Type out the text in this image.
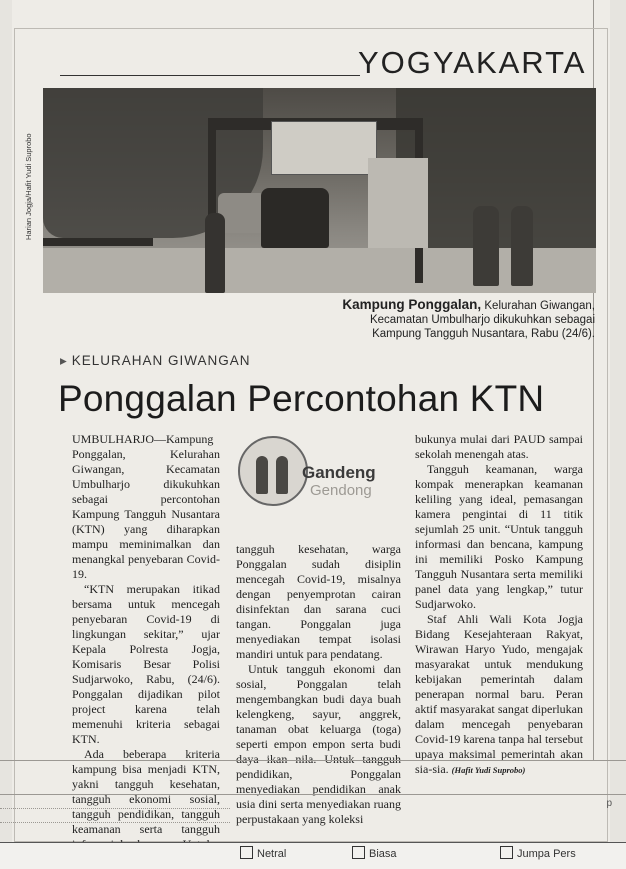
YOGYAKARTA
Harian Jogja/Hafit Yudi Suprobo
Kampung Ponggalan, Kelurahan Giwangan,
Kecamatan Umbulharjo dikukuhkan sebagai
Kampung Tangguh Nusantara, Rabu (24/6).
▸ KELURAHAN GIWANGAN
Ponggalan Percontohan KTN
Gandeng
Gendong

UMBULHARJO—Kampung Ponggalan, Kelurahan Giwangan, Kecamatan Umbulharjo dikukuhkan sebagai percontohan Kampung Tangguh Nusantara (KTN) yang diharapkan mampu meminimalkan dan menangkal penyebaran Covid-19.

“KTN merupakan itikad bersama untuk mencegah penyebaran Covid-19 di lingkungan sekitar,” ujar Kepala Polresta Jogja, Komisaris Besar Polisi Sudjarwoko, Rabu, (24/6). Ponggalan dijadikan pilot project karena telah memenuhi kriteria sebagai KTN.

Ada beberapa kriteria kampung bisa menjadi KTN, yakni tangguh kesehatan, tangguh ekonomi sosial, tangguh pendidikan, tangguh keamanan serta tangguh

tangguh kesehatan, warga Ponggalan sudah disiplin mencegah Covid-19, misalnya dengan penyemprotan cairan disinfektan dan sarana cuci tangan. Ponggalan juga menyediakan tempat isolasi mandiri untuk para pendatang.

Untuk tangguh ekonomi dan sosial, Ponggalan telah mengembangkan budi daya buah kelengkeng, sayur, anggrek, tanaman obat keluarga (toga) seperti empon empon serta budi daya ikan nila. Untuk tangguh pendidikan, Ponggalan menyediakan pendidikan anak usia dini serta menyediakan ruang perpustakaan yang koleksi

bukunya mulai dari PAUD sampai sekolah menengah atas.

Tangguh keamanan, warga kompak menerapkan keamanan keliling yang ideal, pemasangan kamera pengintai di 11 titik sejumlah 25 unit. “Untuk tangguh informasi dan bencana, kampung ini memiliki Posko Kampung Tangguh Nusantara serta memiliki panel data yang lengkap,” tutur Sudjarwoko.

Staf Ahli Wali Kota Jogja Bidang Kesejahteraan Rakyat, Wirawan Haryo Yudo, mengajak masyarakat untuk mendukung kebijakan pemerintah dalam penerapan normal baru. Peran aktif masyarakat sangat diperlukan dalam mencegah penyebaran Covid-19 karena tanpa hal tersebut upaya maksimal pemerintah akan sia-sia. (Hafit Yudi Suprobo)

p
Netral	Biasa	Jumpa Pers
